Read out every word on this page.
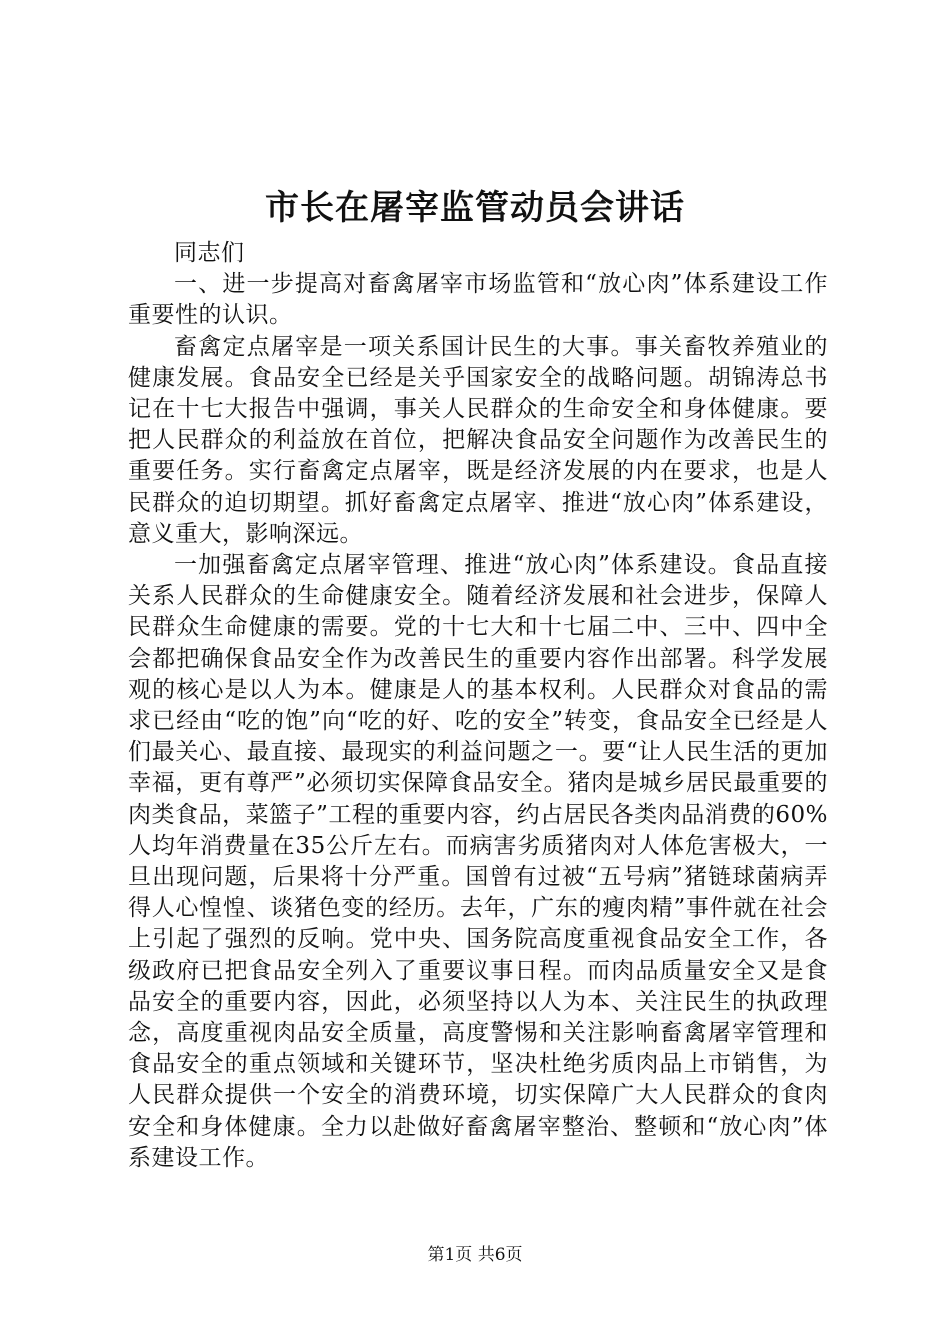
市长在屠宰监管动员会讲话

同志们

一、进一步提高对畜禽屠宰市场监管和“放心肉”体系建设工作重要性的认识。

畜禽定点屠宰是一项关系国计民生的大事。事关畜牧养殖业的健康发展。食品安全已经是关乎国家安全的战略问题。胡锦涛总书记在十七大报告中强调，事关人民群众的生命安全和身体健康。要把人民群众的利益放在首位，把解决食品安全问题作为改善民生的重要任务。实行畜禽定点屠宰，既是经济发展的内在要求，也是人民群众的迫切期望。抓好畜禽定点屠宰、推进“放心肉”体系建设，意义重大，影响深远。

一加强畜禽定点屠宰管理、推进“放心肉”体系建设。食品直接关系人民群众的生命健康安全。随着经济发展和社会进步，保障人民群众生命健康的需要。党的十七大和十七届二中、三中、四中全会都把确保食品安全作为改善民生的重要内容作出部署。科学发展观的核心是以人为本。健康是人的基本权利。人民群众对食品的需求已经由“吃的饱”向“吃的好、吃的安全”转变，食品安全已经是人们最关心、最直接、最现实的利益问题之一。要“让人民生活的更加幸福，更有尊严”必须切实保障食品安全。猪肉是城乡居民最重要的肉类食品，菜篮子”工程的重要内容，约占居民各类肉品消费的60%人均年消费量在35公斤左右。而病害劣质猪肉对人体危害极大，一旦出现问题，后果将十分严重。国曾有过被“五号病”猪链球菌病弄得人心惶惶、谈猪色变的经历。去年，广东的瘦肉精”事件就在社会上引起了强烈的反响。党中央、国务院高度重视食品安全工作，各级政府已把食品安全列入了重要议事日程。而肉品质量安全又是食品安全的重要内容，因此，必须坚持以人为本、关注民生的执政理念，高度重视肉品安全质量，高度警惕和关注影响畜禽屠宰管理和食品安全的重点领域和关键环节，坚决杜绝劣质肉品上市销售，为人民群众提供一个安全的消费环境，切实保障广大人民群众的食肉安全和身体健康。全力以赴做好畜禽屠宰整治、整顿和“放心肉”体系建设工作。

第1页 共6页
